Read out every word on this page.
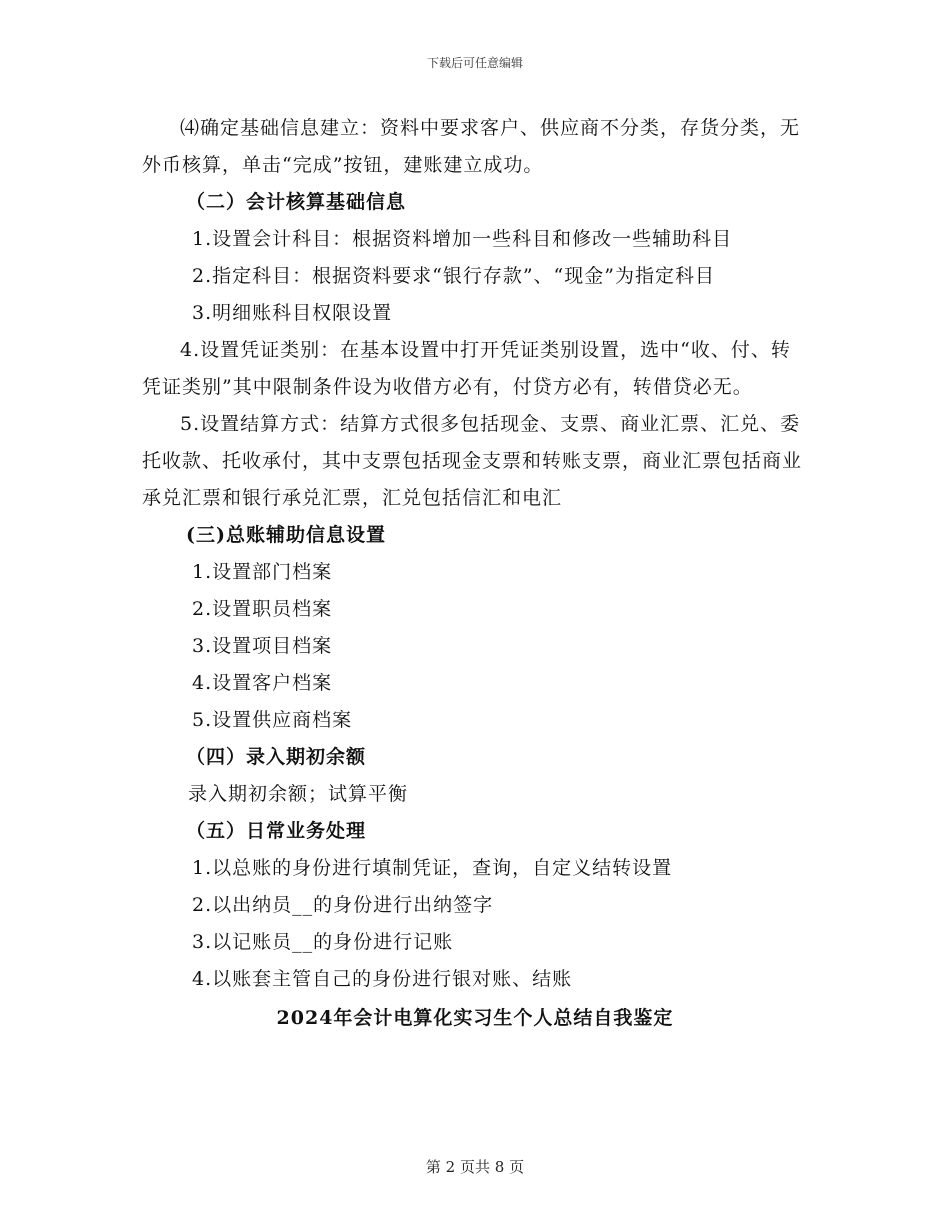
下载后可任意编辑

⑷确定基础信息建立：资料中要求客户、供应商不分类，存货分类，无外币核算，单击“完成”按钮，建账建立成功。

（二）会计核算基础信息

1.设置会计科目：根据资料增加一些科目和修改一些辅助科目

2.指定科目：根据资料要求“银行存款”、“现金”为指定科目

3.明细账科目权限设置

4.设置凭证类别：在基本设置中打开凭证类别设置，选中“收、付、转凭证类别”其中限制条件设为收借方必有，付贷方必有，转借贷必无。

5.设置结算方式：结算方式很多包括现金、支票、商业汇票、汇兑、委托收款、托收承付，其中支票包括现金支票和转账支票，商业汇票包括商业承兑汇票和银行承兑汇票，汇兑包括信汇和电汇

(三)总账辅助信息设置

1.设置部门档案

2.设置职员档案

3.设置项目档案

4.设置客户档案

5.设置供应商档案

（四）录入期初余额

录入期初余额；试算平衡

（五）日常业务处理

1.以总账的身份进行填制凭证，查询，自定义结转设置

2.以出纳员__的身份进行出纳签字

3.以记账员__的身份进行记账

4.以账套主管自己的身份进行银对账、结账

2024年会计电算化实习生个人总结自我鉴定

第 2 页共 8 页
